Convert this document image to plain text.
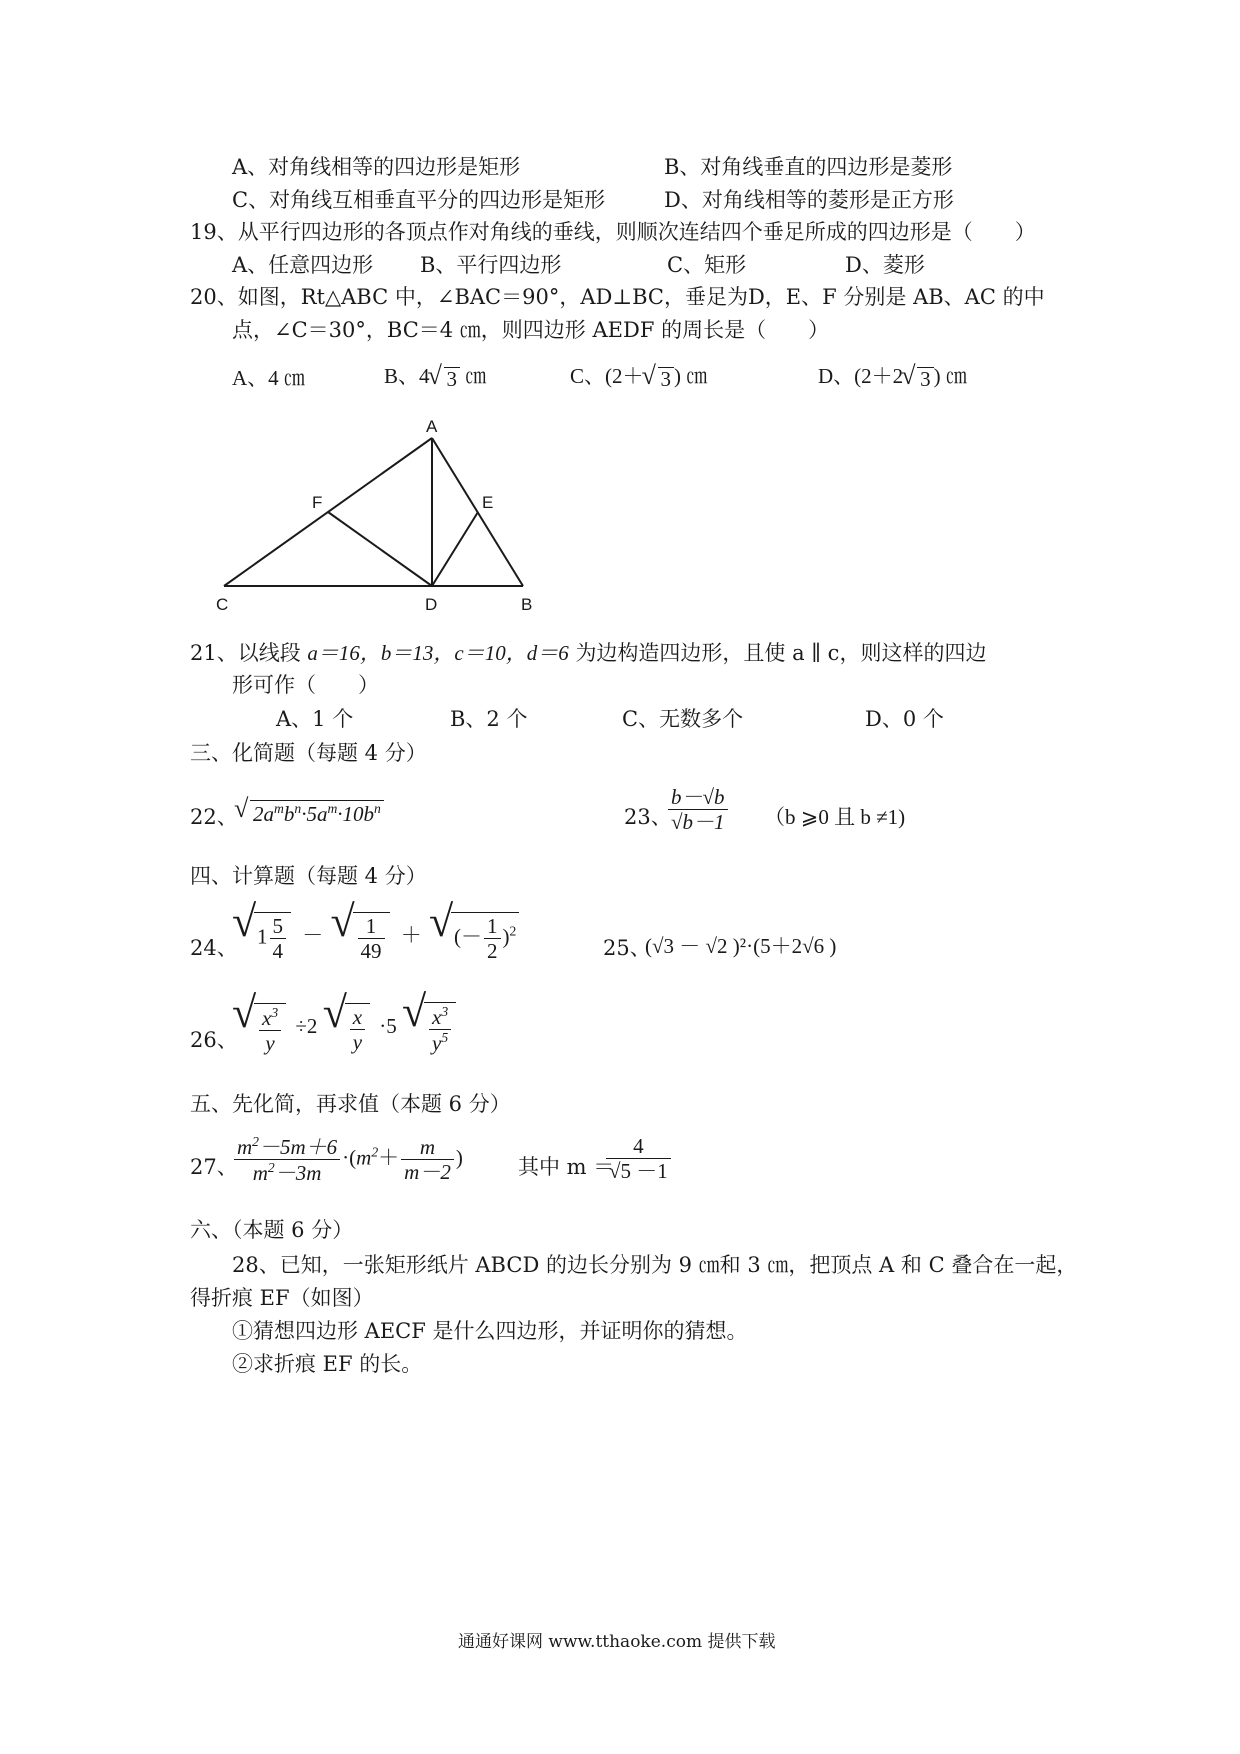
A、对角线相等的四边形是矩形	B、对角线垂直的四边形是菱形
C、对角线互相垂直平分的四边形是矩形	D、对角线相等的菱形是正方形
19、从平行四边形的各顶点作对角线的垂线，则顺次连结四个垂足所成的四边形是（　　）
A、任意四边形 B、平行四边形	C、矩形	D、菱形
20、如图，Rt△ABC 中，∠BAC＝90°，AD⊥BC，垂足为D，E、F 分别是 AB、AC 的中
点，∠C＝30°，BC＝4 ㎝，则四边形 AEDF 的周长是（　　）
A、4 ㎝	B、4 √ 3 ㎝	C、(2＋ √ 3 ) ㎝	D、(2＋2 √ 3 ) ㎝
C
A
B
D
F	E
21、以线段 a＝16，b＝13，c＝10，d＝6 为边构造四边形，且使 a ∥ c，则这样的四边
形可作（　　）
A、1 个	B、2 个	C、无数多个	D、0 个
三、化简题（每题 4 分）
22、 √ $2a^mb^n\cdot 5a^m\cdot 10b^n$	23、
$\frac{b-√b}{√b-1} (b$ ⩾0 且 b ≠1)
四、计算题（每题 4 分）
24、 √ $1 \frac{5}{4}$ － √ $\frac{1}{49}$ ＋ √ (－ $\frac{1}{2} )^2$
25、
(√3 － √2 )²·(5＋2√6 )
26、 √ $\frac{x^3}{y} \div 2$ √ $\frac{x}{y} \cdot 5$ √ $\frac{x^3}{y^5}$
五、先化简，再求值（本题 6 分）
27、
$\frac{m^2-5m+6}{m^2-3m} \cdot(m^2+ \frac{m}{m-2}$ )	其中 m ＝
$\frac{4}{√5 -1}$
六、（本题 6 分）
28、已知，一张矩形纸片 ABCD 的边长分别为 9 ㎝和 3 ㎝，把顶点 A 和 C 叠合在一起，
得折痕 EF（如图）
①猜想四边形 AECF 是什么四边形，并证明你的猜想。
②求折痕 EF 的长。
通通好课网 www.tthaoke.com 提供下载
